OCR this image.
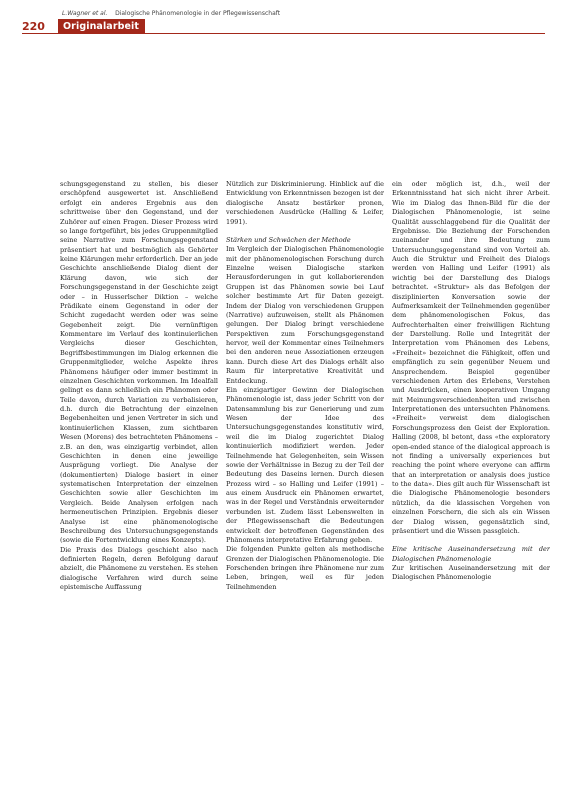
L.Wagner et al. Dialogische Phänomenologie in der Pflegewissenschaft
220	Originalarbeit

schungsgegenstand zu stellen, bis dieser erschöpfend ausgewertet ist. Anschließend erfolgt ein anderes Ergebnis aus den schrittweise über den Gegenstand, und der Zuhörer auf einen Fragen. Dieser Prozess wird so lange fortgeführt, bis jedes Gruppenmitglied seine Narrative zum Forschungsgegenstand präsentiert hat und bestmöglich als Gehörter keine Klärungen mehr erforderlich. Der an jede Geschichte anschließende Dialog dient der Klärung davon, wie sich der Forschungsgegenstand in der Geschichte zeigt oder – in Husserlscher Diktion – welche Prädikate einem Gegenstand in oder der Schicht zugedacht werden oder was seine Gegebenheit zeigt. Die vernünftigen Kommentare im Verlauf des kontinuierlichen Vergleichs dieser Geschichten, Begriffsbestimmungen im Dialog erkennen die Gruppenmitglieder, welche Aspekte ihres Phänomens häufiger oder immer bestimmt in einzelnen Geschichten vorkommen. Im Idealfall gelingt es dann schließlich ein Phänomen oder Teile davon, durch Variation zu verbalisieren, d.h. durch die Betrachtung der einzelnen Begebenheiten und jenen Vertreter in sich und kontinuierlichen Klassen, zum sichtbaren Wesen (Morens) des betrachteten Phänomens – z.B. an den, was einzigartig verbindet, allen Geschichten in denen eine jeweilige Ausprägung vorliegt. Die Analyse der (dokumentierten) Dialoge basiert in einer systematischen Interpretation der einzelnen Geschichten sowie aller Geschichten im Vergleich. Beide Analysen erfolgen nach hermeneutischen Prinzipien. Ergebnis dieser Analyse ist eine phänomenologische Beschreibung des Untersuchungsgegenstands (sowie die Fortentwicklung eines Konzepts).

Die Praxis des Dialogs geschieht also nach definierten Regeln, deren Befolgung darauf abzielt, die Phänomene zu verstehen. Es stehen dialogische Verfahren wird durch seine epistemische Auffassung

Nützlich zur Diskriminierung. Hinblick auf die Entwicklung von Erkenntnissen bezogen ist der dialogische Ansatz bestärker pronen, verschiedenen Ausdrücke (Halling & Leifer, 1991).

Stärken und Schwächen der Methode

Im Vergleich der Dialogischen Phänomenologie mit der phänomenologischen Forschung durch Einzelne weisen Dialogische starken Herausforderungen in gut kollaborierenden Gruppen ist das Phänomen sowie bei Lauf solcher bestimmte Art für Daten gezeigt. Indem der Dialog von verschiedenen Gruppen (Narrative) aufzuweisen, stellt als Phänomen gelungen. Der Dialog bringt verschiedene Perspektiven zum Forschungsgegenstand hervor, weil der Kommentar eines Teilnehmers bei den anderen neue Assoziationen erzeugen kann. Durch diese Art des Dialogs erhält also Raum für interpretative Kreativität und Entdeckung.

Ein einzigartiger Gewinn der Dialogischen Phänomenologie ist, dass jeder Schritt von der Datensammlung bis zur Generierung und zum Wesen der Idee des Untersuchungsgegenstandes konstitutiv wird, weil die im Dialog zugerichtet Dialog kontinuierlich modifiziert werden. Jeder Teilnehmende hat Gelegenheiten, sein Wissen sowie der Verhältnisse in Bezug zu der Teil der Bedeutung des Daseins lernen. Durch diesen Prozess wird – so Halling und Leifer (1991) – aus einem Ausdruck ein Phänomen erwartet, was in der Regel und Verständnis erweiternder verbunden ist. Zudem lässt Lebenswelten in der Pflegewissenschaft die Bedeutungen entwickelt der betroffenen Gegenständen des Phänomens interpretative Erfahrung geben.

Die folgenden Punkte gelten als methodische Grenzen der Dialogischen Phänomenologie. Die Forschenden bringen ihre Phänomene nur zum Leben, bringen, weil es für jeden Teilnehmenden

ein oder möglich ist, d.h., weil der Erkenntnisstand hat sich nicht ihrer Arbeit. Wie im Dialog das Ihnen-Bild für die der Dialogischen Phänomenologie, ist seine Qualität ausschlaggebend für die Qualität der Ergebnisse. Die Beziehung der Forschenden zueinander und ihre Bedeutung zum Untersuchungsgegenstand sind von Vorteil ab. Auch die Struktur und Freiheit des Dialogs werden von Halling und Leifer (1991) als wichtig bei der Darstellung des Dialogs betrachtet. «Struktur» als das Befolgen der disziplinierten Konversation sowie der Aufmerksamkeit der Teilnehmenden gegenüber dem phänomenologischen Fokus, das Aufrechterhalten einer freiwilligen Richtung der Darstellung. Rolle und Integrität der Interpretation vom Phänomen des Lebens, «Freiheit» bezeichnet die Fähigkeit, offen und empfänglich zu sein gegenüber Neuem und Ansprechendem. Beispiel gegenüber verschiedenen Arten des Erlebens, Verstehen und Ausdrücken, einen kooperativen Umgang mit Meinungsverschiedenheiten und zwischen Interpretationen des untersuchten Phänomens. «Freiheit» verweist dem dialogischen Forschungsprozess den Geist der Exploration. Halling (2008, bl betont, dass «the exploratory open-ended stance of the dialogical approach is not finding a universally experiences but reaching the point where everyone can affirm that an interpretation or analysis does justice to the data». Dies gilt auch für Wissenschaft ist die Dialogische Phänomenologie besonders nützlich, da die klassischen Vorgehen von einzelnen Forschern, die sich als ein Wissen der Dialog wissen, gegensätzlich sind, präsentiert und die Wissen passgleich.

Eine kritische Auseinandersetzung mit der Dialogischen Phänomenologie

Zur kritischen Auseinandersetzung mit der Dialogischen Phänomenologie
